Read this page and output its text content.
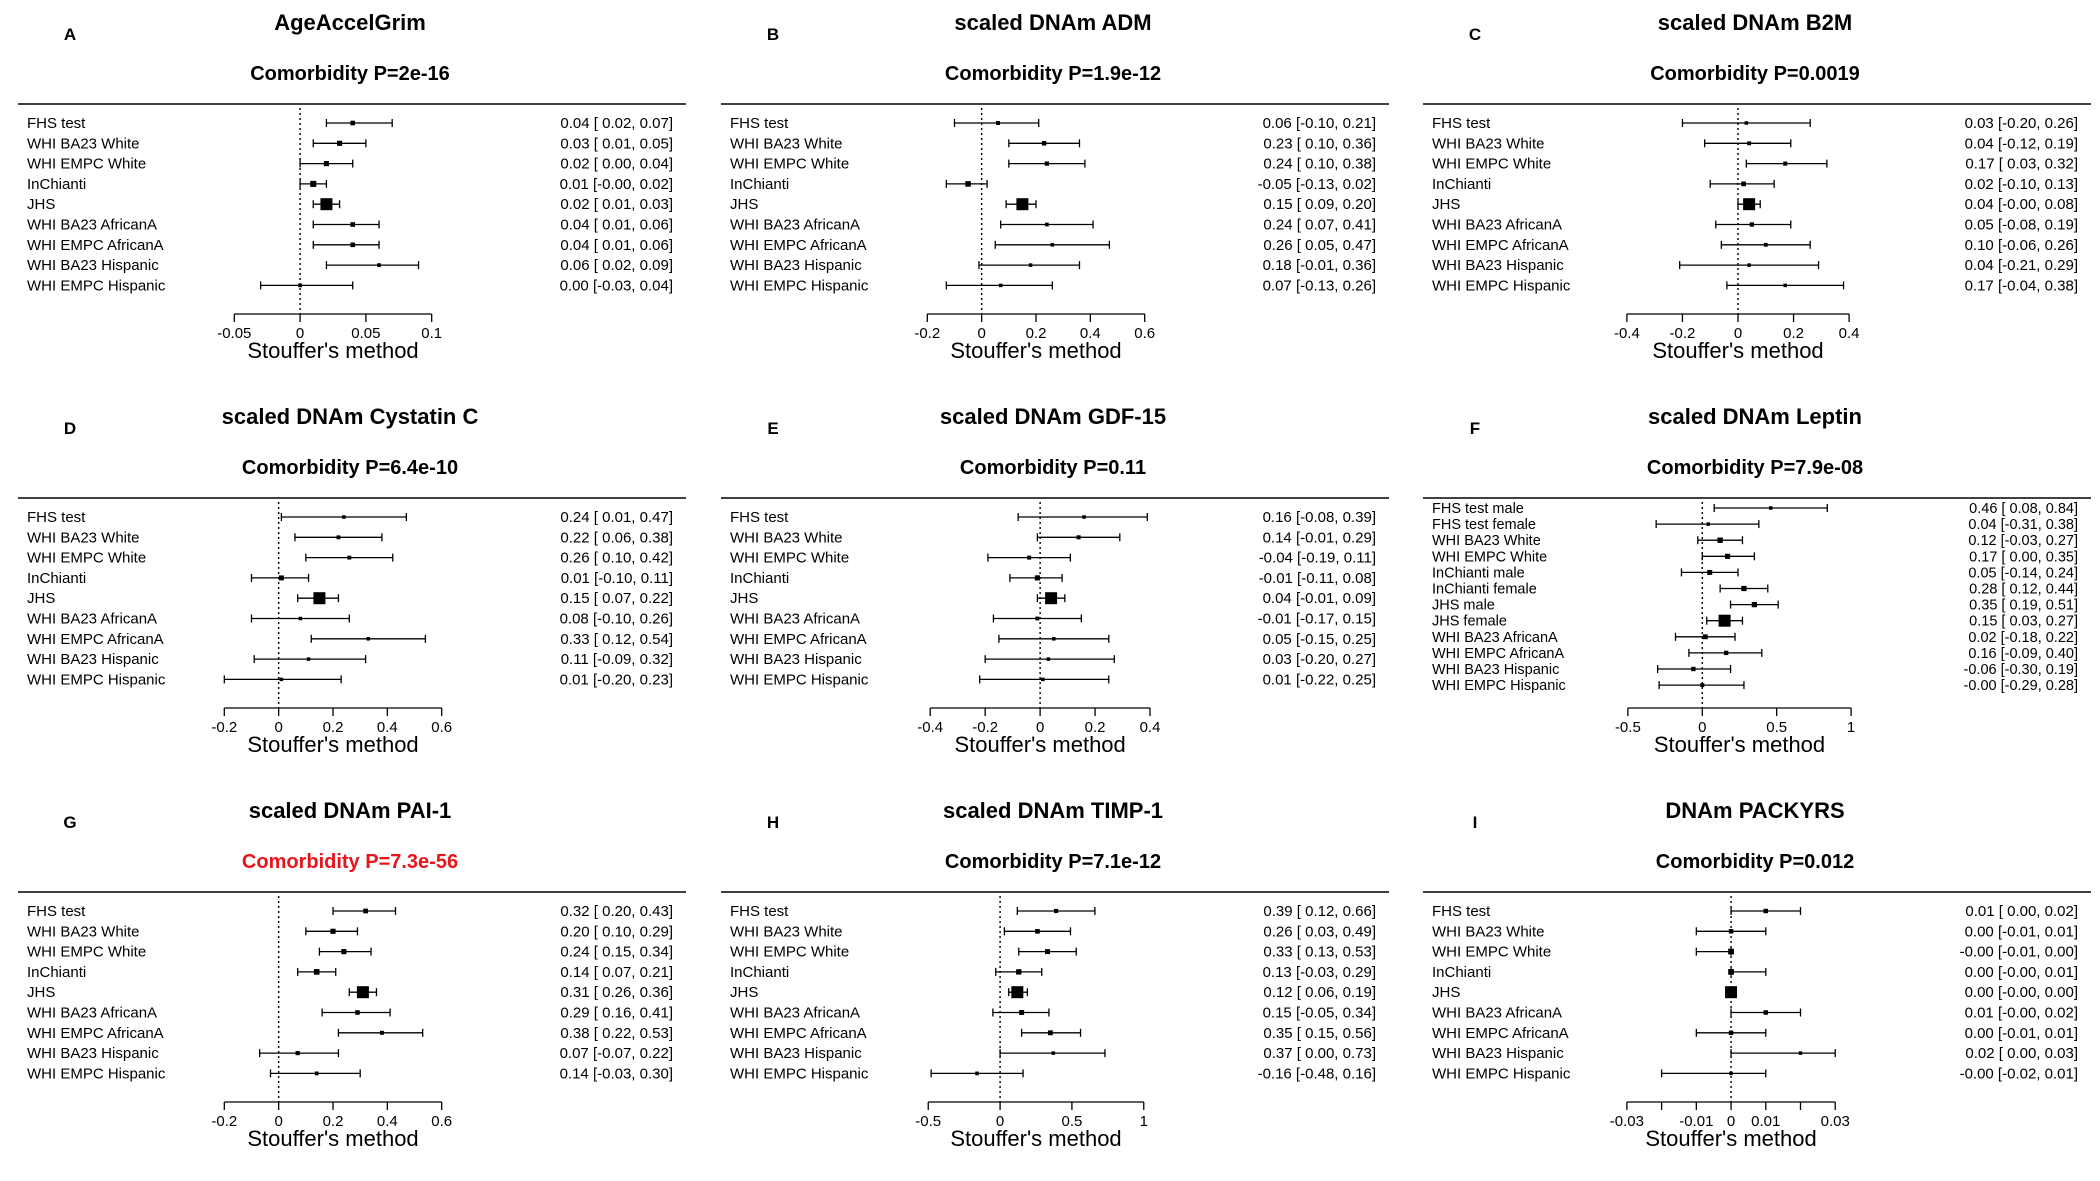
A	AgeAccelGrim
Comorbidity P=2e-16
FHS test	0.04 [ 0.02, 0.07]
WHI BA23 White	0.03 [ 0.01, 0.05]
WHI EMPC White	0.02 [ 0.00, 0.04]
InChianti	0.01 [-0.00, 0.02]
JHS	0.02 [ 0.01, 0.03]
WHI BA23 AfricanA	0.04 [ 0.01, 0.06]
WHI EMPC AfricanA	0.04 [ 0.01, 0.06]
WHI BA23 Hispanic	0.06 [ 0.02, 0.09]
WHI EMPC Hispanic	0.00 [-0.03, 0.04]
-0.05	0	0.05	0.1
Stouffer's method
B	scaled DNAm ADM
Comorbidity P=1.9e-12
FHS test	0.06 [-0.10, 0.21]
WHI BA23 White	0.23 [ 0.10, 0.36]
WHI EMPC White	0.24 [ 0.10, 0.38]
InChianti	-0.05 [-0.13, 0.02]
JHS	0.15 [ 0.09, 0.20]
WHI BA23 AfricanA	0.24 [ 0.07, 0.41]
WHI EMPC AfricanA	0.26 [ 0.05, 0.47]
WHI BA23 Hispanic	0.18 [-0.01, 0.36]
WHI EMPC Hispanic	0.07 [-0.13, 0.26]
-0.2 0	0.2 0.4 0.6
Stouffer's method
C	scaled DNAm B2M
Comorbidity P=0.0019
FHS test	0.03 [-0.20, 0.26]
WHI BA23 White	0.04 [-0.12, 0.19]
WHI EMPC White	0.17 [ 0.03, 0.32]
InChianti	0.02 [-0.10, 0.13]
JHS	0.04 [-0.00, 0.08]
WHI BA23 AfricanA	0.05 [-0.08, 0.19]
WHI EMPC AfricanA	0.10 [-0.06, 0.26]
WHI BA23 Hispanic	0.04 [-0.21, 0.29]
WHI EMPC Hispanic	0.17 [-0.04, 0.38]
-0.4 -0.2	0	0.2 0.4
Stouffer's method
D	scaled DNAm Cystatin C
Comorbidity P=6.4e-10
FHS test	0.24 [ 0.01, 0.47]
WHI BA23 White	0.22 [ 0.06, 0.38]
WHI EMPC White	0.26 [ 0.10, 0.42]
InChianti	0.01 [-0.10, 0.11]
JHS	0.15 [ 0.07, 0.22]
WHI BA23 AfricanA	0.08 [-0.10, 0.26]
WHI EMPC AfricanA	0.33 [ 0.12, 0.54]
WHI BA23 Hispanic	0.11 [-0.09, 0.32]
WHI EMPC Hispanic	0.01 [-0.20, 0.23]
-0.2 0	0.2 0.4 0.6
Stouffer's method
E	scaled DNAm GDF-15
Comorbidity P=0.11
FHS test	0.16 [-0.08, 0.39]
WHI BA23 White	0.14 [-0.01, 0.29]
WHI EMPC White	-0.04 [-0.19, 0.11]
InChianti	-0.01 [-0.11, 0.08]
JHS	0.04 [-0.01, 0.09]
WHI BA23 AfricanA	-0.01 [-0.17, 0.15]
WHI EMPC AfricanA	0.05 [-0.15, 0.25]
WHI BA23 Hispanic	0.03 [-0.20, 0.27]
WHI EMPC Hispanic	0.01 [-0.22, 0.25]
-0.4 -0.2	0	0.2 0.4
Stouffer's method
F	scaled DNAm Leptin
Comorbidity P=7.9e-08
FHS test male	0.46 [ 0.08, 0.84]
FHS test female	0.04 [-0.31, 0.38]
WHI BA23 White	0.12 [-0.03, 0.27]
WHI EMPC White	0.17 [ 0.00, 0.35]
InChianti male	0.05 [-0.14, 0.24]
InChianti female	0.28 [ 0.12, 0.44]
JHS male	0.35 [ 0.19, 0.51]
JHS female	0.15 [ 0.03, 0.27]
WHI BA23 AfricanA	0.02 [-0.18, 0.22]
WHI EMPC AfricanA	0.16 [-0.09, 0.40]
WHI BA23 Hispanic	-0.06 [-0.30, 0.19]
WHI EMPC Hispanic	-0.00 [-0.29, 0.28]
-0.5	0	0.5	1
Stouffer's method
G	scaled DNAm PAI-1
Comorbidity P=7.3e-56
FHS test	0.32 [ 0.20, 0.43]
WHI BA23 White	0.20 [ 0.10, 0.29]
WHI EMPC White	0.24 [ 0.15, 0.34]
InChianti	0.14 [ 0.07, 0.21]
JHS	0.31 [ 0.26, 0.36]
WHI BA23 AfricanA	0.29 [ 0.16, 0.41]
WHI EMPC AfricanA	0.38 [ 0.22, 0.53]
WHI BA23 Hispanic	0.07 [-0.07, 0.22]
WHI EMPC Hispanic	0.14 [-0.03, 0.30]
-0.2 0	0.2 0.4 0.6
Stouffer's method
H	scaled DNAm TIMP-1
Comorbidity P=7.1e-12
FHS test	0.39 [ 0.12, 0.66]
WHI BA23 White	0.26 [ 0.03, 0.49]
WHI EMPC White	0.33 [ 0.13, 0.53]
InChianti	0.13 [-0.03, 0.29]
JHS	0.12 [ 0.06, 0.19]
WHI BA23 AfricanA	0.15 [-0.05, 0.34]
WHI EMPC AfricanA	0.35 [ 0.15, 0.56]
WHI BA23 Hispanic	0.37 [ 0.00, 0.73]
WHI EMPC Hispanic	-0.16 [-0.48, 0.16]
-0.5	0	0.5	1
Stouffer's method
I	DNAm PACKYRS
Comorbidity P=0.012
FHS test	0.01 [ 0.00, 0.02]
WHI BA23 White	0.00 [-0.01, 0.01]
WHI EMPC White	-0.00 [-0.01, 0.00]
InChianti	0.00 [-0.00, 0.01]
JHS	0.00 [-0.00, 0.00]
WHI BA23 AfricanA	0.01 [-0.00, 0.02]
WHI EMPC AfricanA	0.00 [-0.01, 0.01]
WHI BA23 Hispanic	0.02 [ 0.00, 0.03]
WHI EMPC Hispanic	-0.00 [-0.02, 0.01]
-0.03 -0.01 0 0.01	0.03
Stouffer's method
